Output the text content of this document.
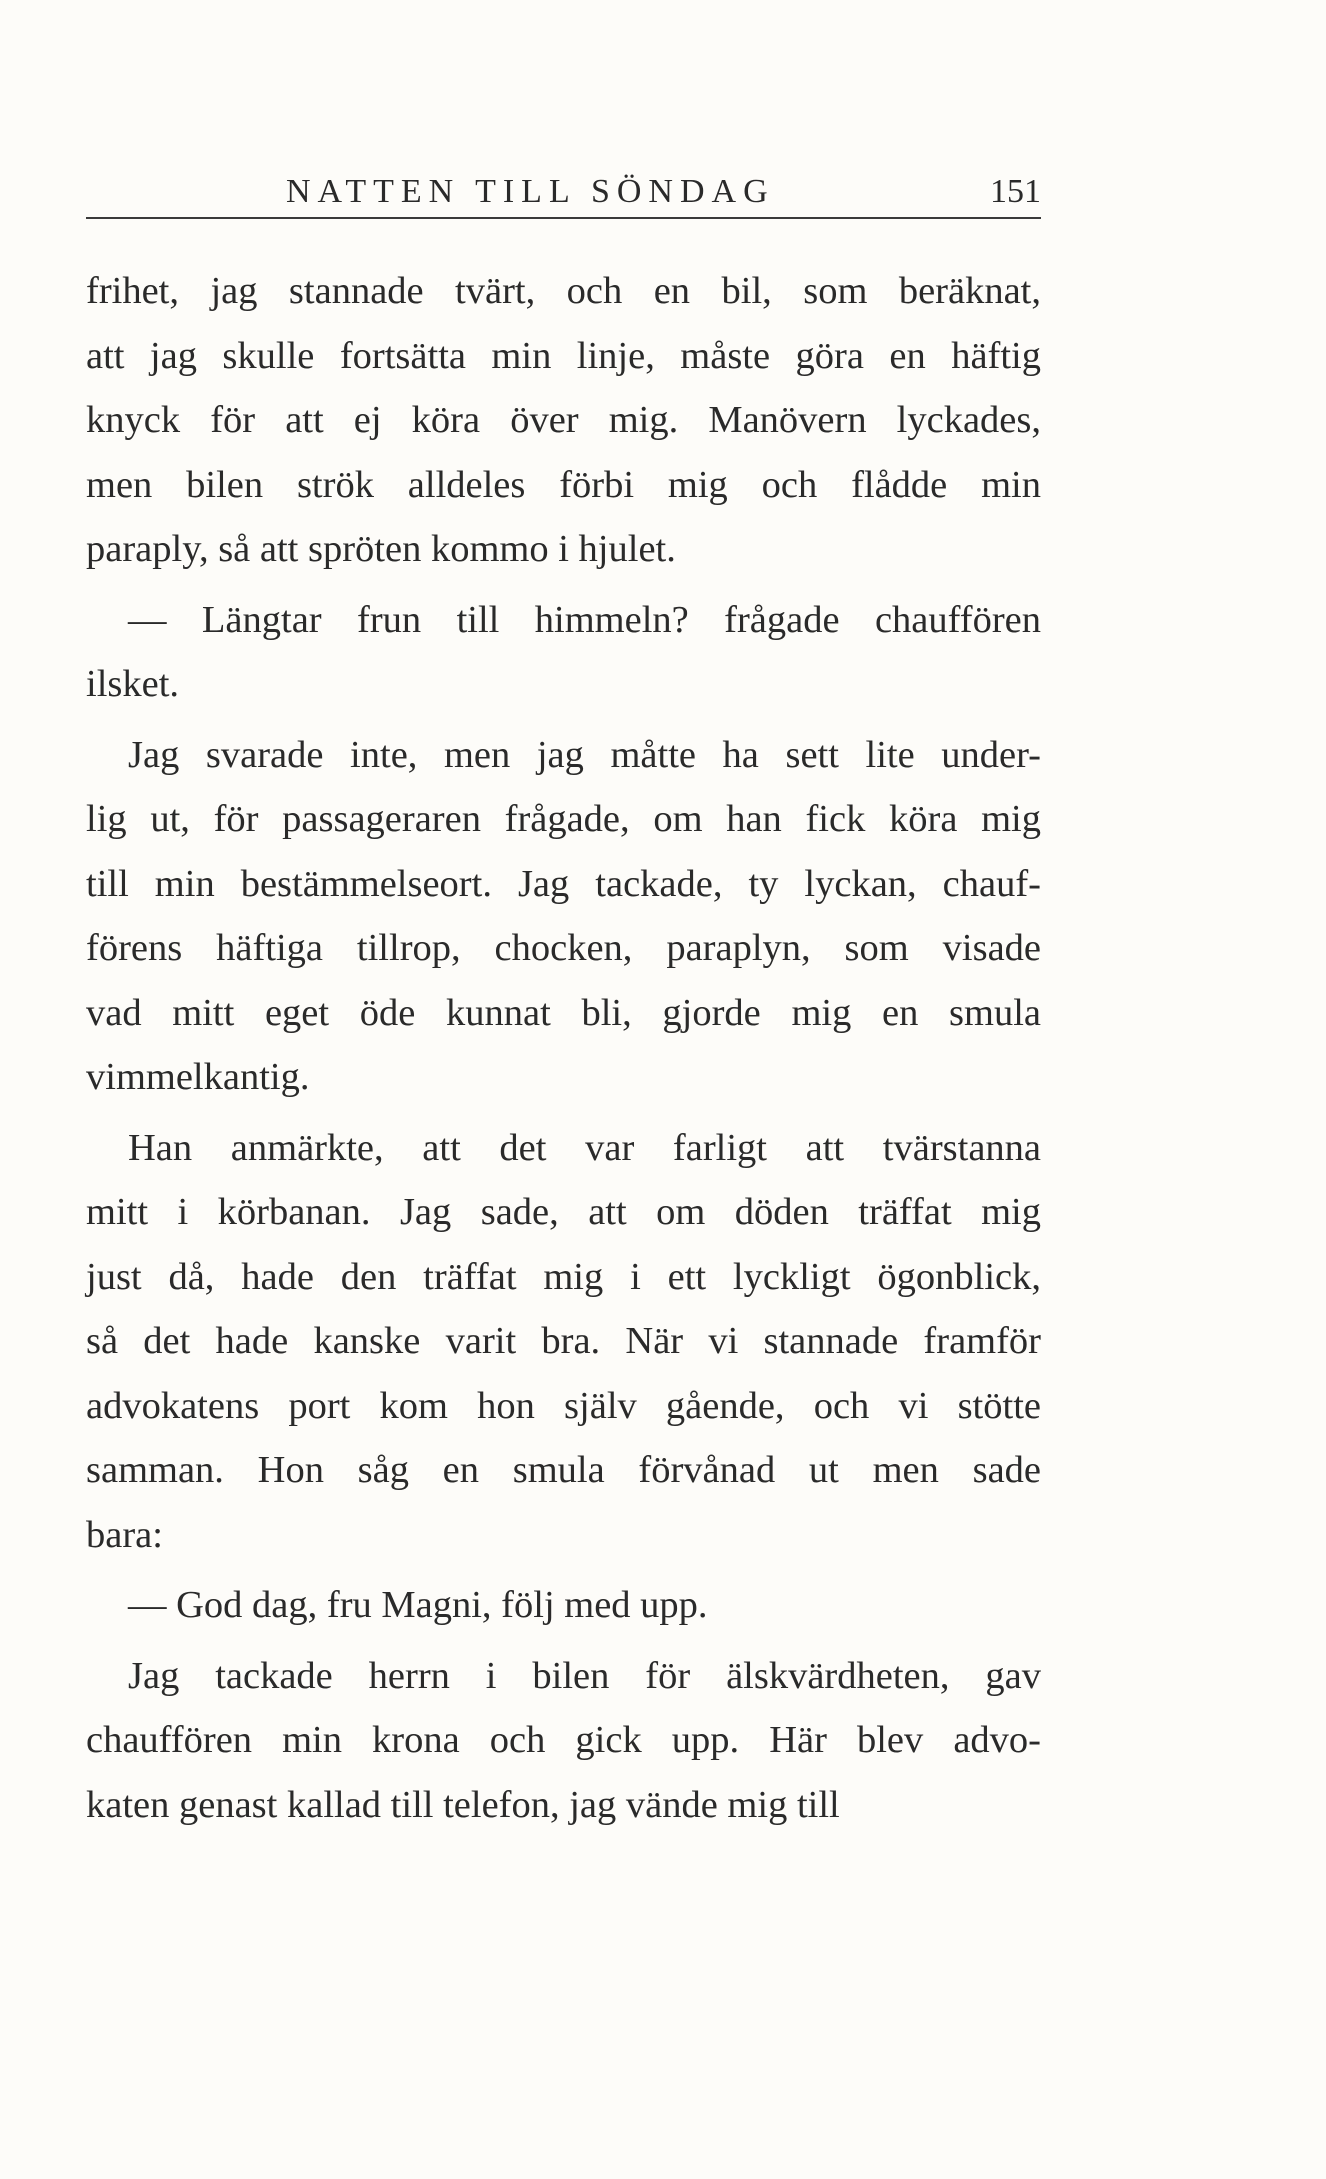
NATTEN TILL SÖNDAG	151
frihet, jag stannade tvärt, och en bil, som beräknat,
att jag skulle fortsätta min linje, måste göra en häftig
knyck för att ej köra över mig. Manövern lyckades,
men bilen strök alldeles förbi mig och flådde min
paraply, så att spröten kommo i hjulet.
— Längtar frun till himmeln? frågade chauffören
ilsket.
Jag svarade inte, men jag måtte ha sett lite under-
lig ut, för passageraren frågade, om han fick köra mig
till min bestämmelseort. Jag tackade, ty lyckan, chauf-
förens häftiga tillrop, chocken, paraplyn, som visade
vad mitt eget öde kunnat bli, gjorde mig en smula
vimmelkantig.
Han anmärkte, att det var farligt att tvärstanna
mitt i körbanan. Jag sade, att om döden träffat mig
just då, hade den träffat mig i ett lyckligt ögonblick,
så det hade kanske varit bra. När vi stannade framför
advokatens port kom hon själv gående, och vi stötte
samman. Hon såg en smula förvånad ut men sade
bara:
— God dag, fru Magni, följ med upp.
Jag tackade herrn i bilen för älskvärdheten, gav
chauffören min krona och gick upp. Här blev advo-
katen genast kallad till telefon, jag vände mig till
